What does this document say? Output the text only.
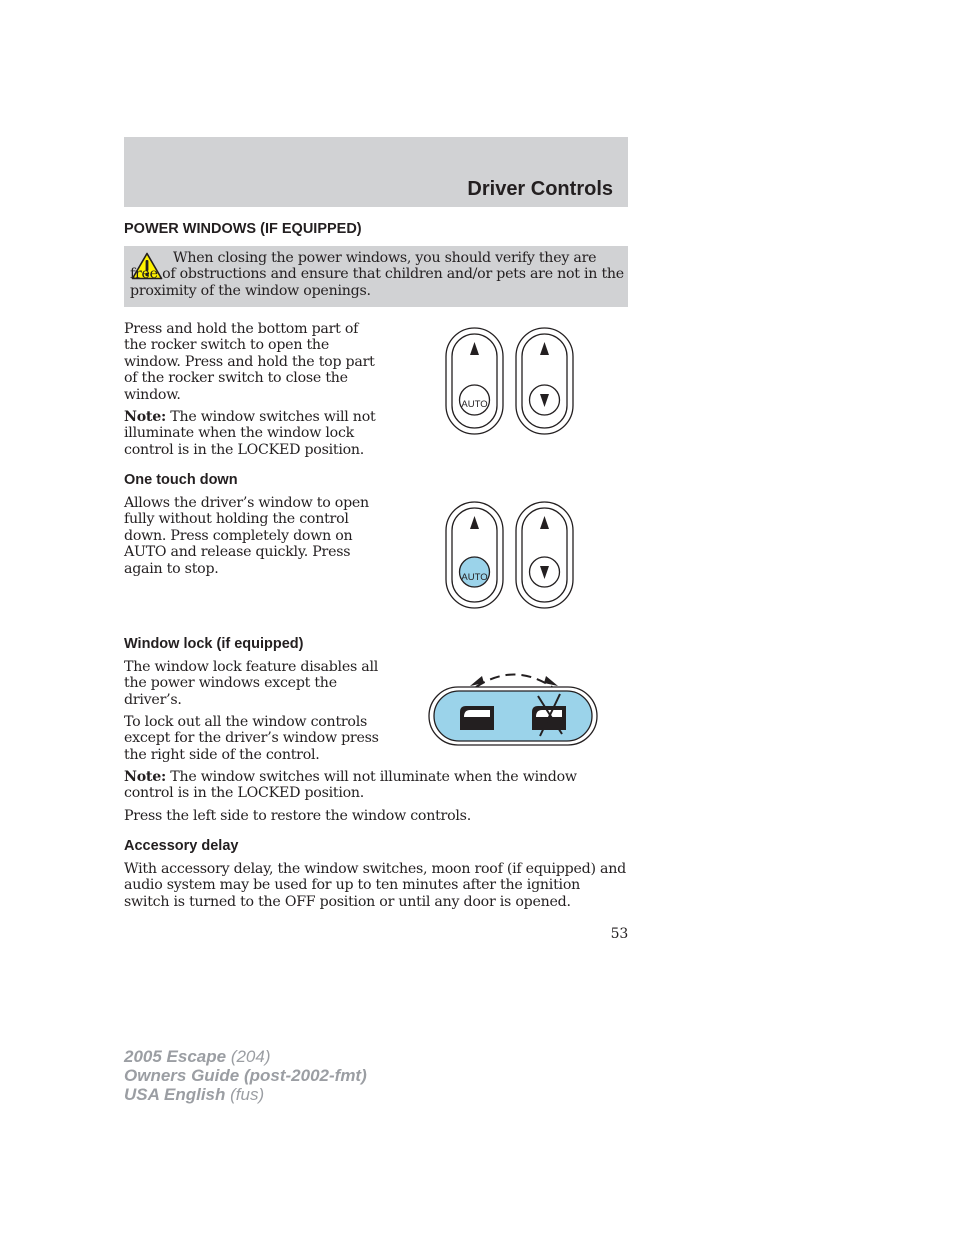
Driver Controls
POWER WINDOWS (IF EQUIPPED)

When closing the power windows, you should verify they are free of obstructions and ensure that children and/or pets are not in the proximity of the window openings.

Press and hold the bottom part of the rocker switch to open the window. Press and hold the top part of the rocker switch to close the window.

Note: The window switches will not illuminate when the window lock control is in the LOCKED position.

AUTO
One touch down

Allows the driver’s window to open fully without holding the control down. Press completely down on AUTO and release quickly. Press again to stop.

AUTO
Window lock (if equipped)

The window lock feature disables all the power windows except the driver’s.

To lock out all the window controls except for the driver’s window press the right side of the control.

Note: The window switches will not illuminate when the window control is in the LOCKED position.

Press the left side to restore the window controls.

Accessory delay

With accessory delay, the window switches, moon roof (if equipped) and audio system may be used for up to ten minutes after the ignition switch is turned to the OFF position or until any door is opened.

53
2005 Escape (204)
Owners Guide (post-2002-fmt)
USA English (fus)
